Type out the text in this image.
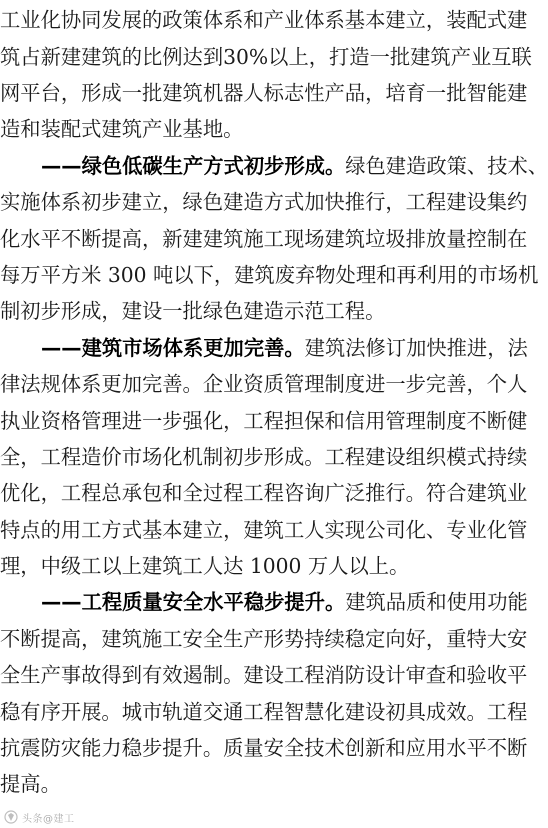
工业化协同发展的政策体系和产业体系基本建立，装配式建
筑占新建建筑的比例达到30%以上，打造一批建筑产业互联
网平台，形成一批建筑机器人标志性产品，培育一批智能建
造和装配式建筑产业基地。
——绿色低碳生产方式初步形成。绿色建造政策、技术、
实施体系初步建立，绿色建造方式加快推行，工程建设集约
化水平不断提高，新建建筑施工现场建筑垃圾排放量控制在
每万平方米 300 吨以下，建筑废弃物处理和再利用的市场机
制初步形成，建设一批绿色建造示范工程。
——建筑市场体系更加完善。建筑法修订加快推进，法
律法规体系更加完善。企业资质管理制度进一步完善，个人
执业资格管理进一步强化，工程担保和信用管理制度不断健
全，工程造价市场化机制初步形成。工程建设组织模式持续
优化，工程总承包和全过程工程咨询广泛推行。符合建筑业
特点的用工方式基本建立，建筑工人实现公司化、专业化管
理，中级工以上建筑工人达 1000 万人以上。
——工程质量安全水平稳步提升。建筑品质和使用功能
不断提高，建筑施工安全生产形势持续稳定向好，重特大安
全生产事故得到有效遏制。建设工程消防设计审查和验收平
稳有序开展。城市轨道交通工程智慧化建设初具成效。工程
抗震防灾能力稳步提升。质量安全技术创新和应用水平不断
提高。
头条@建工
